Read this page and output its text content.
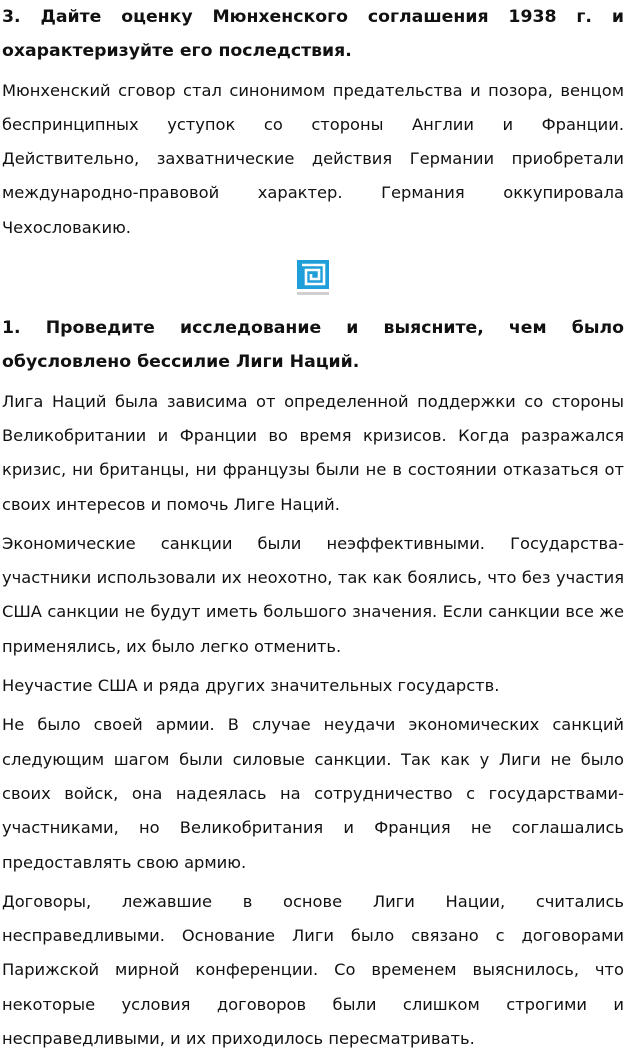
3. Дайте оценку Мюнхенского соглашения 1938 г. и охарактеризуйте его последствия.

Мюнхенский сговор стал синонимом предательства и позора, венцом беспринципных уступок со стороны Англии и Франции. Действительно, захватнические действия Германии приобретали международно-правовой характер. Германия оккупировала Чехословакию.

1. Проведите исследование и выясните, чем было обусловлено бессилие Лиги Наций.

Лига Наций была зависима от определенной поддержки со стороны Великобритании и Франции во время кризисов. Когда разражался кризис, ни британцы, ни французы были не в состоянии отказаться от своих интересов и помочь Лиге Наций.

Экономические санкции были неэффективными. Государства-участники использовали их неохотно, так как боялись, что без участия США санкции не будут иметь большого значения. Если санкции все же применялись, их было легко отменить.

Неучастие США и ряда других значительных государств.

Не было своей армии. В случае неудачи экономических санкций следующим шагом были силовые санкции. Так как у Лиги не было своих войск, она надеялась на сотрудничество с государствами-участниками, но Великобритания и Франция не соглашались предоставлять свою армию.

Договоры, лежавшие в основе Лиги Нации, считались несправедливыми. Основание Лиги было связано с договорами Парижской мирной конференции. Со временем выяснилось, что некоторые условия договоров были слишком строгими и несправедливыми, и их приходилось пересматривать.
